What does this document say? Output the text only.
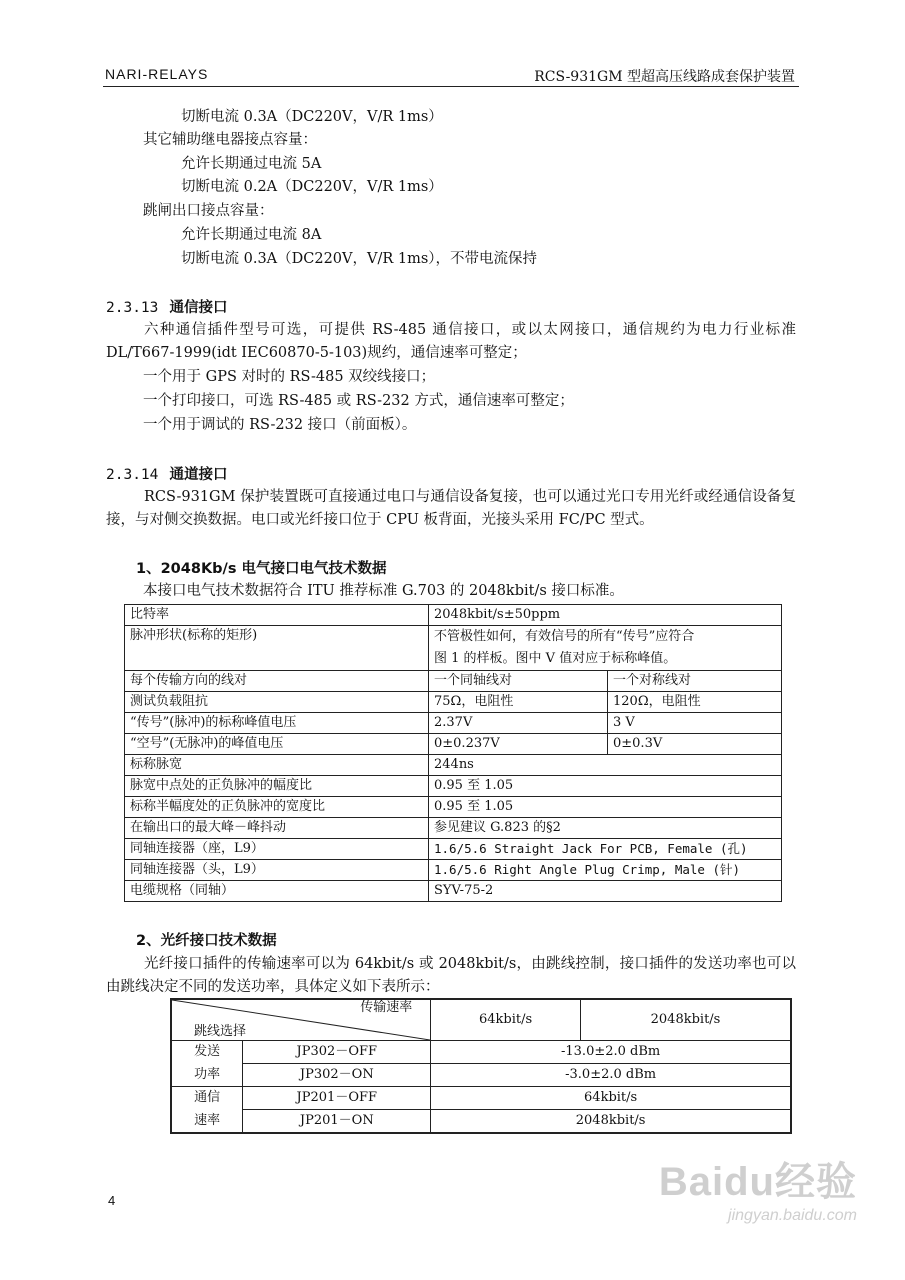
NARI-RELAYS	RCS-931GM 型超高压线路成套保护装置
切断电流 0.3A（DC220V，V/R 1ms）
其它辅助继电器接点容量：
允许长期通过电流 5A
切断电流 0.2A（DC220V，V/R 1ms）
跳闸出口接点容量：
允许长期通过电流 8A
切断电流 0.3A（DC220V，V/R 1ms），不带电流保持
2.3.13 通信接口
六种通信插件型号可选，可提供 RS-485 通信接口，或以太网接口，通信规约为电力行业标准 DL/T667-1999(idt IEC60870-5-103)规约，通信速率可整定；
一个用于 GPS 对时的 RS-485 双绞线接口；
一个打印接口，可选 RS-485 或 RS-232 方式，通信速率可整定；
一个用于调试的 RS-232 接口（前面板）。
2.3.14 通道接口
RCS-931GM 保护装置既可直接通过电口与通信设备复接，也可以通过光口专用光纤或经通信设备复接，与对侧交换数据。电口或光纤接口位于 CPU 板背面，光接头采用 FC/PC 型式。
1、2048Kb/s 电气接口电气技术数据
本接口电气技术数据符合 ITU 推荐标准 G.703 的 2048kbit/s 接口标准。
比特率	2048kbit/s±50ppm	
脉冲形状(标称的矩形)	不管极性如何，有效信号的所有“传号”应符合
图 1 的样板。图中 V 值对应于标称峰值。	

每个传输方向的线对	一个同轴线对	一个对称线对
测试负载阻抗	75Ω，电阻性	120Ω，电阻性
“传号”(脉冲)的标称峰值电压	2.37V	3 V
“空号”(无脉冲)的峰值电压	0±0.237V	0±0.3V
标称脉宽	244ns	
脉宽中点处的正负脉冲的幅度比	0.95 至 1.05	
标称半幅度处的正负脉冲的宽度比	0.95 至 1.05	
在输出口的最大峰－峰抖动	参见建议 G.823 的§2	
同轴连接器（座，L9）	1.6/5.6 Straight Jack For PCB, Female (孔)	
同轴连接器（头，L9）	1.6/5.6 Right Angle Plug Crimp, Male (针)	
电缆规格（同轴）	SYV-75-2	
2、光纤接口技术数据
光纤接口插件的传输速率可以为 64kbit/s 或 2048kbit/s，由跳线控制，接口插件的发送功率也可以由跳线决定不同的发送功率，具体定义如下表所示：
传输速率
跳线选择		64kbit/s	2048kbit/s
发送	JP302－OFF	-13.0±2.0 dBm	
功率	JP302－ON	-3.0±2.0 dBm	
通信	JP201－OFF	64kbit/s	
速率	JP201－ON	2048kbit/s	
4	Baidu经验
jingyan.baidu.com
